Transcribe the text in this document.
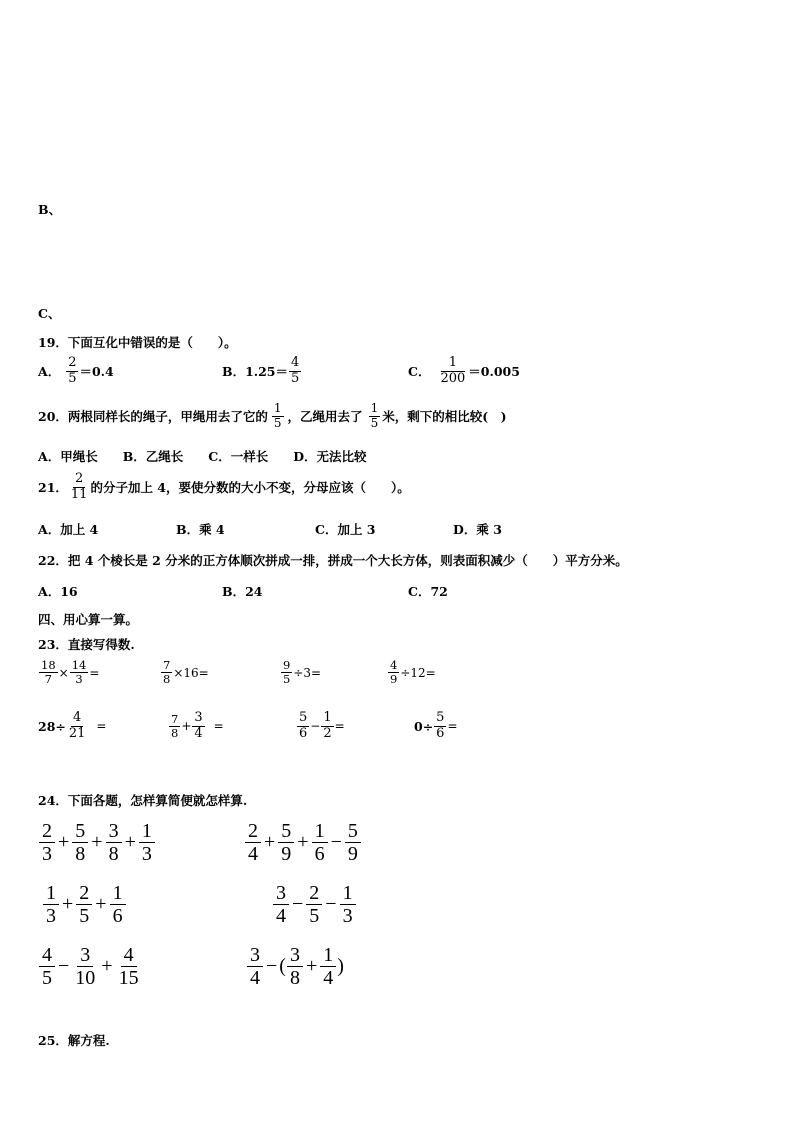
B、
C、
19．下面互化中错误的是（　　）。
A． $\frac{2}{5} =0.4$	B．$1.25= \frac{4}{5}$	C． $\frac{1}{200} =0.005$
20．两根同样长的绳子，甲绳用去了它的 $\frac{1}{5}$ ，乙绳用去了 $\frac{1}{5}$ 米，剩下的相比较(　)
A．甲绳长　　B．乙绳长　　C．一样长　　D．无法比较
21． $\frac{2}{11}$ 的分子加上 4，要使分数的大小不变，分母应该（　　）。
A．加上 4	B．乘 4	C．加上 3	D．乘 3
22．把 4 个棱长是 2 分米的正方体顺次拼成一排，拼成一个大长方体，则表面积减少（　　）平方分米。
A．16	B．24	C．72
四、用心算一算。
23．直接写得数.
$\frac{18}{7} \times \frac{14}{3}$ =	$\frac{7}{8} \times 16=$	$\frac{9}{5} \div 3=$	$\frac{4}{9} \div 12=$
$28\div \frac{4}{21}$ =	$\frac{7}{8} + \frac{3}{4}$ =	$\frac{5}{6} - \frac{1}{2}$ =	$0\div \frac{5}{6}$ =
24．下面各题，怎样算简便就怎样算.
$\frac{2}{3} + \frac{5}{8} + \frac{3}{8} + \frac{1}{3}$	$\frac{2}{4} + \frac{5}{9} + \frac{1}{6} - \frac{5}{9}$
$\frac{1}{3} + \frac{2}{5} + \frac{1}{6}$	$\frac{3}{4} - \frac{2}{5} - \frac{1}{3}$
$\frac{4}{5} - \frac{3}{10} + \frac{4}{15}$	$\frac{3}{4}$ − ( $\frac{3}{8} + \frac{1}{4}$ )
25．解方程.
